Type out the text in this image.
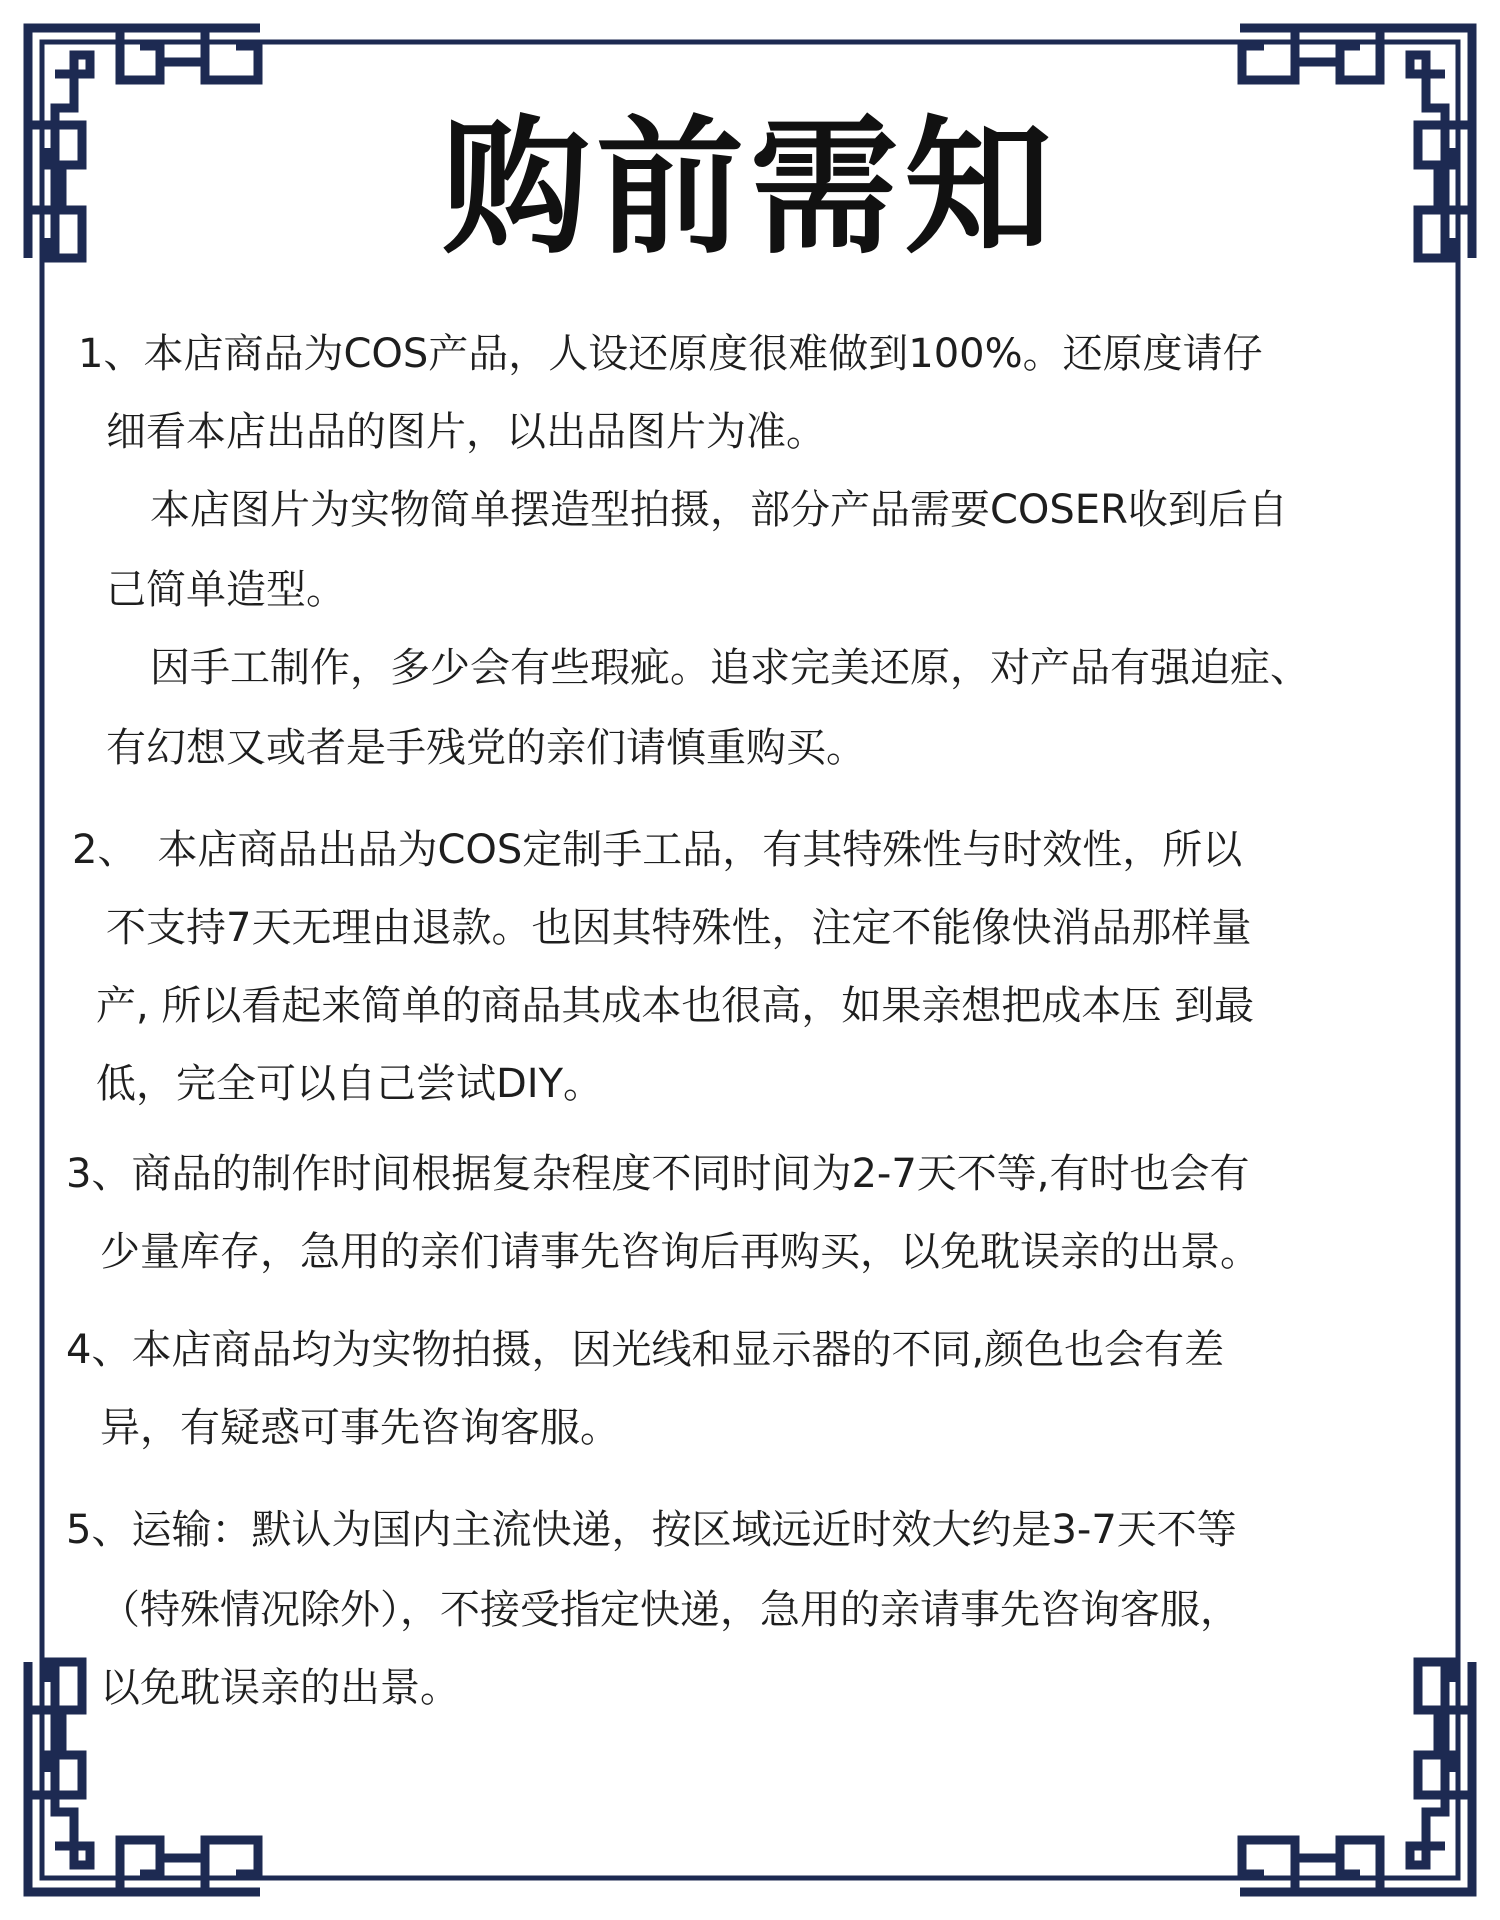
购前需知
1、本店商品为COS产品，人设还原度很难做到100%。还原度请仔
细看本店出品的图片，以出品图片为准。
本店图片为实物简单摆造型拍摄，部分产品需要COSER收到后自
己简单造型。
因手工制作，多少会有些瑕疵。追求完美还原，对产品有强迫症、
有幻想又或者是手残党的亲们请慎重购买。
2、　本店商品出品为COS定制手工品，有其特殊性与时效性，所以
不支持7天无理由退款。也因其特殊性，注定不能像快消品那样量
产, 所以看起来简单的商品其成本也很高，如果亲想把成本压 到最
低，完全可以自己尝试DIY。
3、商品的制作时间根据复杂程度不同时间为2-7天不等,有时也会有
少量库存，急用的亲们请事先咨询后再购买，以免耽误亲的出景。
4、本店商品均为实物拍摄，因光线和显示器的不同,颜色也会有差
异，有疑惑可事先咨询客服。
5、运输：默认为国内主流快递，按区域远近时效大约是3-7天不等
（特殊情况除外），不接受指定快递，急用的亲请事先咨询客服，
以免耽误亲的出景。
